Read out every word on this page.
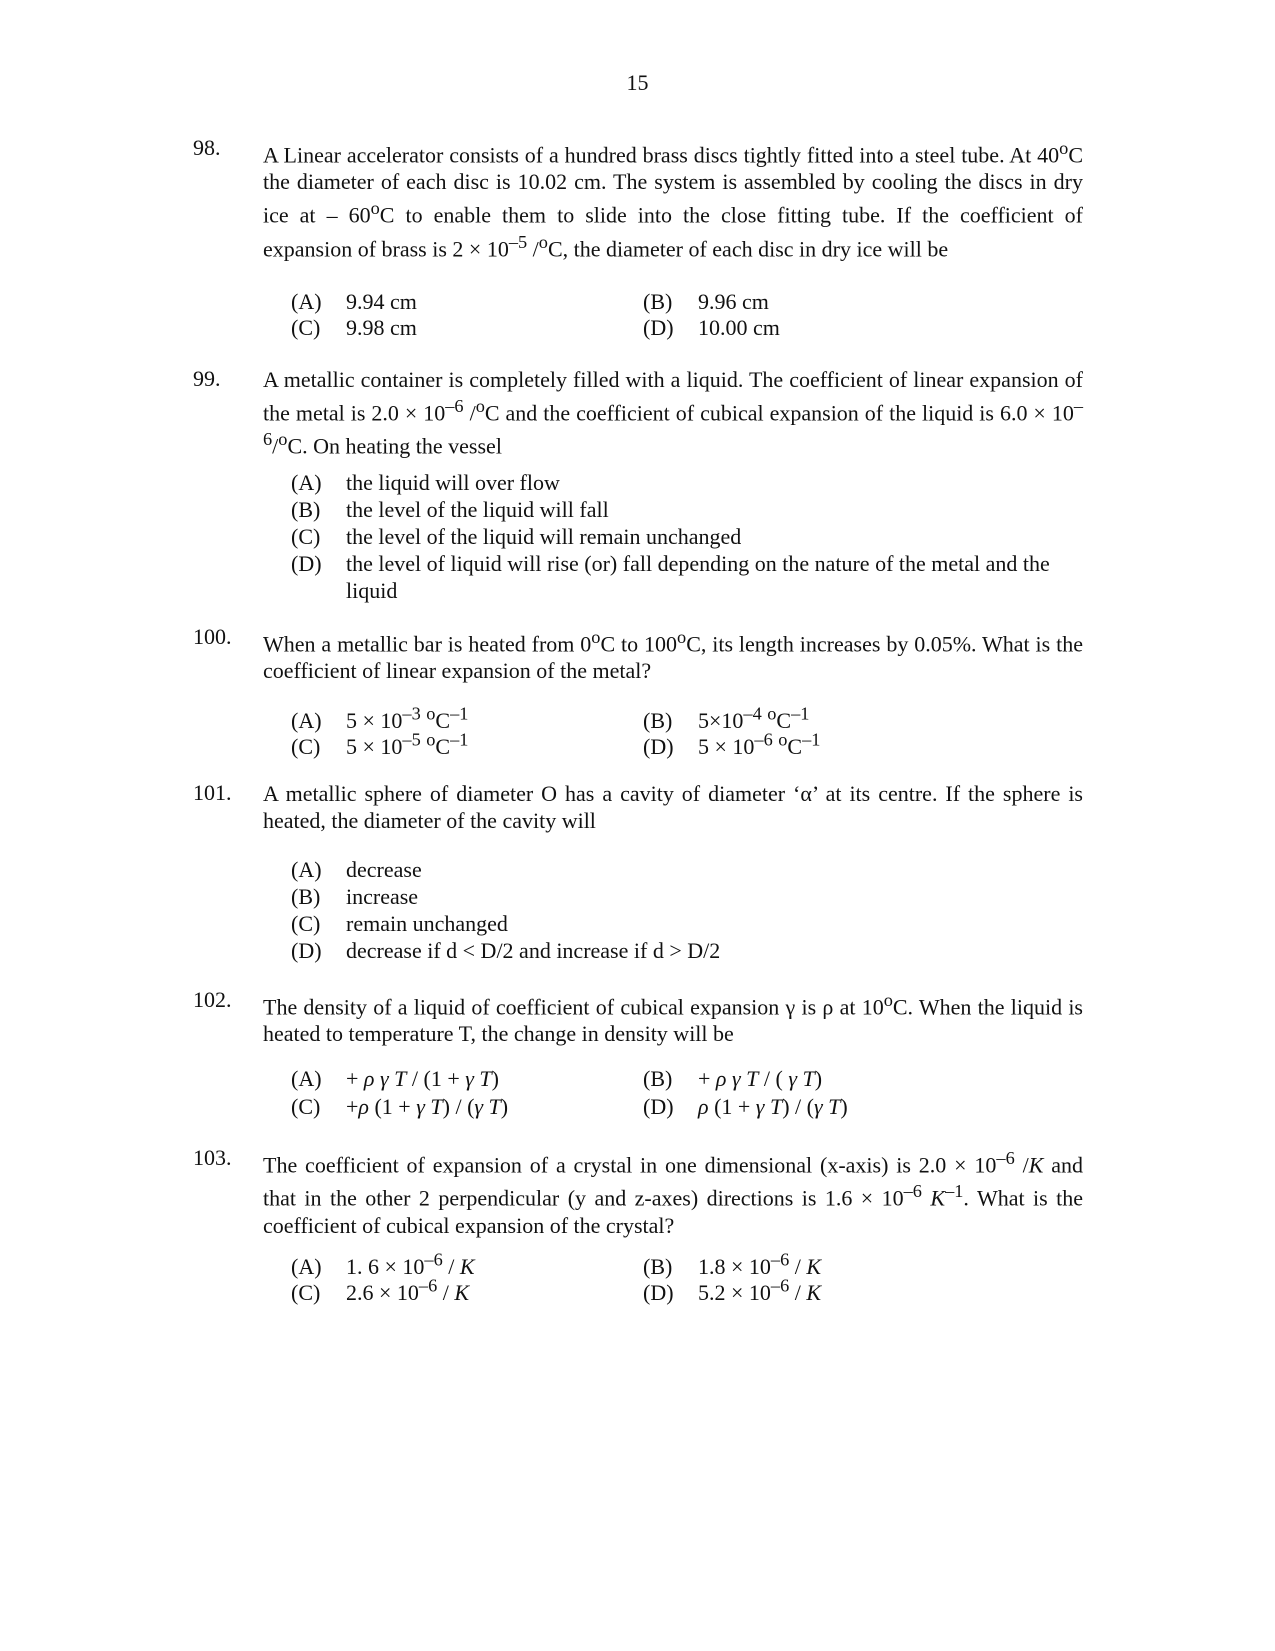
15
98. A Linear accelerator consists of a hundred brass discs tightly fitted into a steel tube. At 40$^o$C the diameter of each disc is 10.02 cm. The system is assembled by cooling the discs in dry ice at – 60$^o$C to enable them to slide into the close fitting tube. If the coefficient of expansion of brass is $2 \times 10^{-5}$ /$^o$C, the diameter of each disc in dry ice will be
(A) 9.94 cm	(B) 9.96 cm
(C) 9.98 cm	(D) 10.00 cm
99. A metallic container is completely filled with a liquid. The coefficient of linear expansion of the metal is $2.0 \times 10^{-6}$ /$^o$C and the coefficient of cubical expansion of the liquid is $6.0 \times 10^{-6}/^oC$. On heating the vessel
(A)	the liquid will over flow
(B)	the level of the liquid will fall
(C)	the level of the liquid will remain unchanged
(D)	the level of liquid will rise (or) fall depending on the nature of the metal and the liquid
100. When a metallic bar is heated from 0$^o$C to 100$^o$C, its length increases by 0.05%. What is the coefficient of linear expansion of the metal?
(A) $5 \times 10^{-3}$ $^oC^{-1}$	(B) $5\times 10^{-4}$ $^oC^{-1}$
(C) $5 \times 10^{-5}$ $^oC^{-1}$	(D) $5 \times 10^{-6}$ $^oC^{-1}$
101. A metallic sphere of diameter O has a cavity of diameter ‘α’ at its centre. If the sphere is heated, the diameter of the cavity will
(A)	decrease
(B)	increase
(C)	remain unchanged
(D)	decrease if d < D/2 and increase if d > D/2
102. The density of a liquid of coefficient of cubical expansion γ is ρ at 10$^o$C. When the liquid is heated to temperature T, the change in density will be
(A) + ρ γ T / (1 + γ T)	(B) + ρ γ T / ( γ T)
(C) +ρ (1 + γ T) / (γ T)	(D) ρ (1 + γ T) / (γ T)
103. The coefficient of expansion of a crystal in one dimensional (x-axis) is $2.0 \times 10^{-6}$ /K and that in the other 2 perpendicular (y and z-axes) directions is $1.6 \times 10^{-6}$ $K^{-1}$. What is the coefficient of cubical expansion of the crystal?
(A) 1. $6 \times 10^{-6} / K$	(B) $1.8 \times 10^{-6} / K$
(C) $2.6 \times 10^{-6} / K$	(D) $5.2 \times 10^{-6} / K$
